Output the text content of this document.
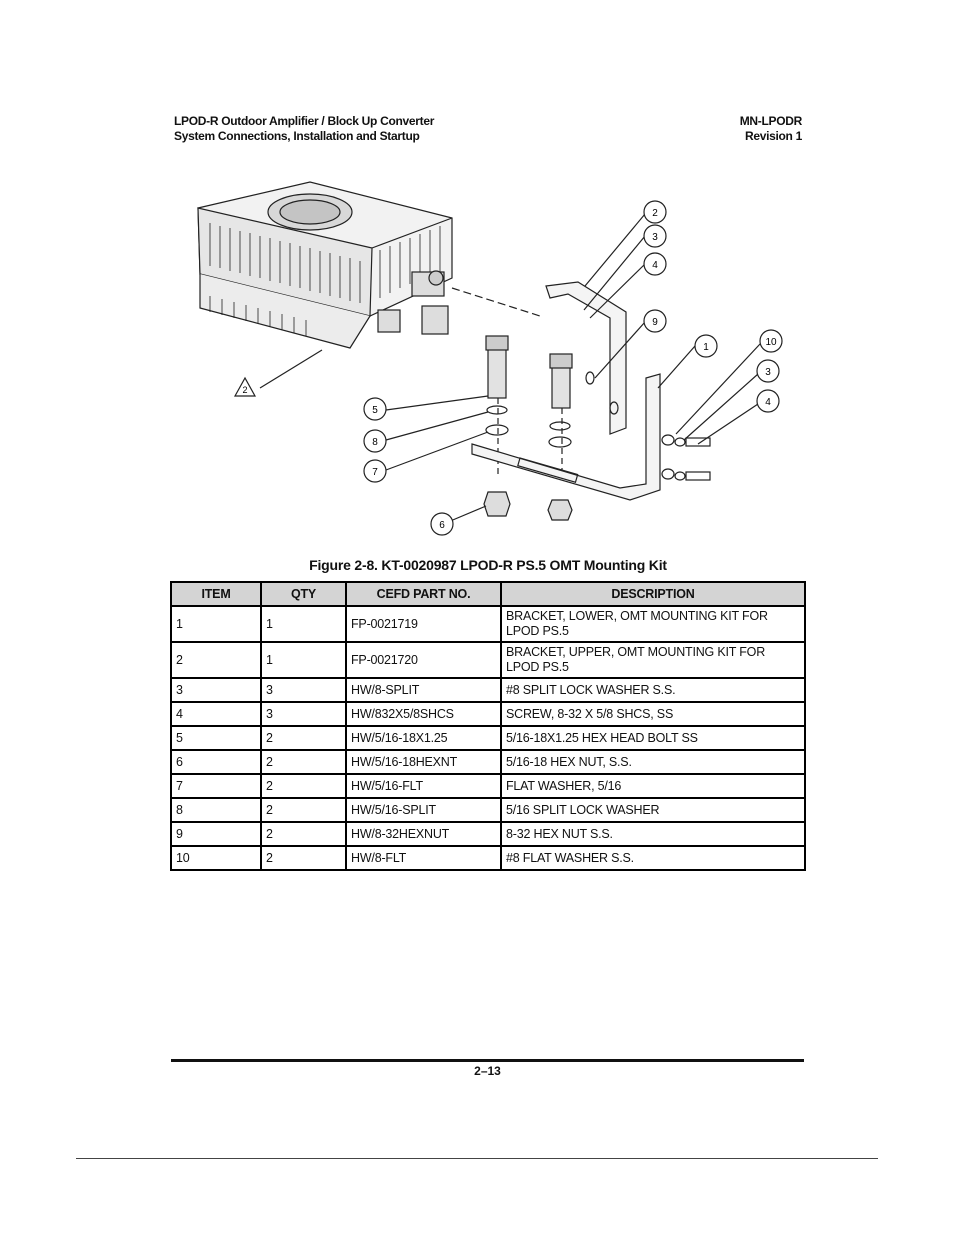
LPOD-R Outdoor Amplifier / Block Up Converter
System Connections, Installation and Startup
MN-LPODR
Revision 1
2
2
3
4
9
1	10
3
4
5
8
7
6
Figure 2-8. KT-0020987 LPOD-R PS.5 OMT Mounting Kit
ITEM	QTY	CEFD PART NO.	DESCRIPTION
1	1	FP-0021719	BRACKET, LOWER, OMT MOUNTING KIT FOR LPOD PS.5
2	1	FP-0021720	BRACKET, UPPER, OMT MOUNTING KIT FOR LPOD PS.5
3	3	HW/8-SPLIT	#8 SPLIT LOCK WASHER S.S.
4	3	HW/832X5/8SHCS	SCREW, 8-32 X 5/8 SHCS, SS
5	2	HW/5/16-18X1.25	5/16-18X1.25 HEX HEAD BOLT SS
6	2	HW/5/16-18HEXNT	5/16-18 HEX NUT, S.S.
7	2	HW/5/16-FLT	FLAT WASHER, 5/16
8	2	HW/5/16-SPLIT	5/16 SPLIT LOCK WASHER
9	2	HW/8-32HEXNUT	8-32 HEX NUT S.S.
10	2	HW/8-FLT	#8 FLAT WASHER S.S.
2–13
